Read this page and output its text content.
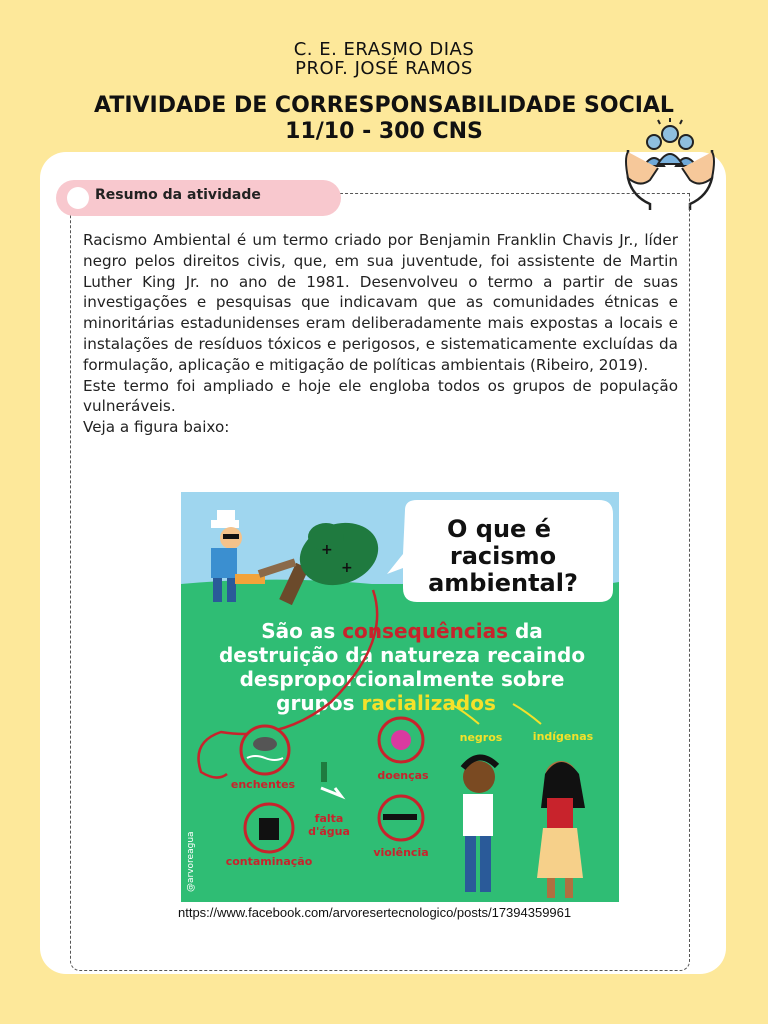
C. E. ERASMO DIAS
PROF. JOSÉ RAMOS
ATIVIDADE DE CORRESPONSABILIDADE SOCIAL
11/10 - 300 CNS
Resumo da atividade

Racismo Ambiental é um termo criado por Benjamin Franklin Chavis Jr., líder negro pelos direitos civis, que, em sua juventude, foi assistente de Martin Luther King Jr. no ano de 1981. Desenvolveu o termo a partir de suas investigações e pesquisas que indicavam que as comunidades étnicas e minoritárias estadunidenses eram deliberadamente mais expostas a locais e instalações de resíduos tóxicos e perigosos, e sistematicamente excluídas da formulação, aplicação e mitigação de políticas ambientais (Ribeiro, 2019).

Este termo foi ampliado e hoje ele engloba todos os grupos de população vulneráveis.

Veja a figura baixo:

+
+
O que é
racismo
ambiental?
São as consequências da
destruição da natureza recaindo
desproporcionalmente sobre
grupos racializados
negros	indígenas
enchentes
falta
d'água
doenças
contaminação
violência
@arvoreagua
nttps://www.facebook.com/arvoresertecnologico/posts/17394359961
